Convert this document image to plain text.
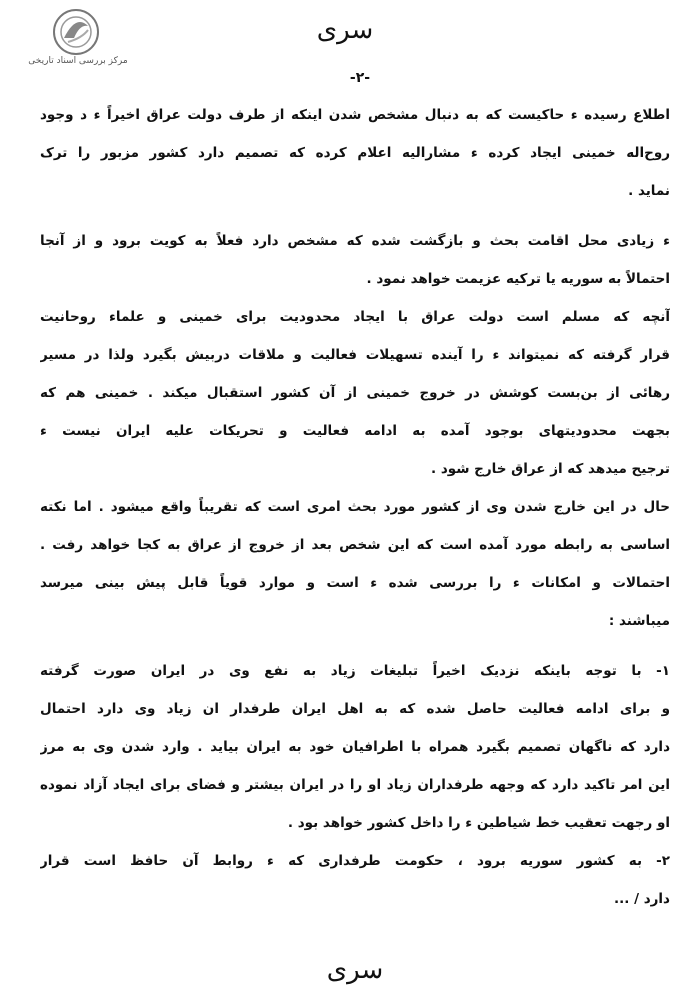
مرکز بررسی اسناد تاریخی
سری
-۲-
اطلاع رسیده ء حاکیست که به دنبال مشخص شدن اینکه از طرف دولت عراق اخیراً ء د وجود
روح‌اله خمینی ایجاد کرده ء مشارالیه اعلام کرده که تصمیم دارد کشور مزبور را ترک
نماید .
ء زیادی محل اقامت بحث و بازگشت شده که مشخص دارد فعلاً به کویت برود و از آنجا
احتمالاً به سوریه یا ترکیه عزیمت خواهد نمود .
آنچه که مسلم است دولت عراق با ایجاد محدودیت برای خمینی و علماء روحانیت
قرار گرفته که نمیتواند ء را آینده تسهیلات فعالیت و ملاقات دربیش بگیرد ولذا در مسیر
رهائی از بن‌بست کوشش در خروج خمینی از آن کشور استقبال میکند . خمینی هم که
بجهت محدودیتهای بوجود آمده به ادامه فعالیت و تحریکات علیه ایران نیست ء
ترجیح میدهد که از عراق خارج شود .
حال در این خارج شدن وی از کشور مورد بحث امری است که تقریباً واقع میشود . اما نکته
اساسی به رابطه مورد آمده است که این شخص بعد از خروج از عراق به کجا خواهد رفت .
احتمالات و امکانات ء را بررسی شده ء است و موارد قویاً قابل پیش بینی میرسد
میباشند :
۱- با توجه باینکه نزدیک اخیراً تبلیغات زیاد به نفع وی در ایران صورت گرفته
و برای ادامه فعالیت حاصل شده که به اهل ایران طرفدار ان زیاد وی دارد احتمال
دارد که ناگهان تصمیم بگیرد همراه با اطرافیان خود به ایران بیاید . وارد شدن وی به مرز
این امر تاکید دارد که وجهه طرفداران زیاد او را در ایران بیشتر و فضای برای ایجاد آزاد نموده
او رجهت تعقیب خط شیاطین ء را داخل کشور خواهد بود .
۲- به کشور سوریه برود ، حکومت طرفداری که ء روابط آن حافظ است قرار
دارد / ...
سری
